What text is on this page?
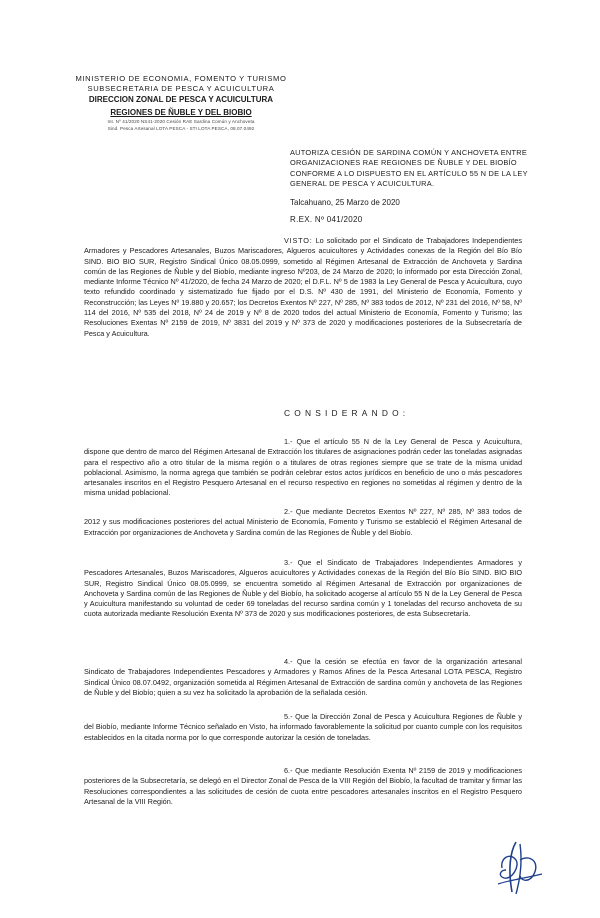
MINISTERIO DE ECONOMIA, FOMENTO Y TURISMO
SUBSECRETARIA DE PESCA Y ACUICULTURA
DIRECCION ZONAL DE PESCA Y ACUICULTURA
REGIONES DE ÑUBLE Y DEL BIOBIO
Int. Nº 41/2020 NS41-2020 Cesión RAE Sardina Común y Anchoveta
Sind. Pesca Artesanal LOTA PESCA - STI LOTA PESCA, 08.07.0492
AUTORIZA CESIÓN DE SARDINA COMÚN Y ANCHOVETA ENTRE ORGANIZACIONES RAE REGIONES DE ÑUBLE Y DEL BIOBÍO CONFORME A LO DISPUESTO EN EL ARTÍCULO 55 N DE LA LEY GENERAL DE PESCA Y ACUICULTURA.
Talcahuano, 25 Marzo de 2020
R.EX. Nº 041/2020
VISTO: Lo solicitado por el Sindicato de Trabajadores Independientes Armadores y Pescadores Artesanales, Buzos Mariscadores, Algueros acuicultores y Actividades conexas de la Región del Bío Bío SIND. BIO BIO SUR, Registro Sindical Único 08.05.0999, sometido al Régimen Artesanal de Extracción de Anchoveta y Sardina común de las Regiones de Ñuble y del Biobío, mediante ingreso Nº203, de 24 Marzo de 2020; lo informado por esta Dirección Zonal, mediante Informe Técnico Nº 41/2020, de fecha 24 Marzo de 2020; el D.F.L. Nº 5 de 1983 la Ley General de Pesca y Acuicultura, cuyo texto refundido coordinado y sistematizado fue fijado por el D.S. Nº 430 de 1991, del Ministerio de Economía, Fomento y Reconstrucción; las Leyes Nº 19.880 y 20.657; los Decretos Exentos Nº 227, Nº 285, Nº 383 todos de 2012, Nº 231 del 2016, Nº 58, Nº 114 del 2016, Nº 535 del 2018, Nº 24 de 2019 y Nº 8 de 2020 todos del actual Ministerio de Economía, Fomento y Turismo; las Resoluciones Exentas Nº 2159 de 2019, Nº 3831 del 2019 y Nº 373 de 2020 y modificaciones posteriores de la Subsecretaría de Pesca y Acuicultura.
CONSIDERANDO:
1.- Que el artículo 55 N de la Ley General de Pesca y Acuicultura, dispone que dentro de marco del Régimen Artesanal de Extracción los titulares de asignaciones podrán ceder las toneladas asignadas para el respectivo año a otro titular de la misma región o a titulares de otras regiones siempre que se trate de la misma unidad poblacional. Asimismo, la norma agrega que también se podrán celebrar estos actos jurídicos en beneficio de uno o más pescadores artesanales inscritos en el Registro Pesquero Artesanal en el recurso respectivo en regiones no sometidas al régimen y dentro de la misma unidad poblacional.
2.- Que mediante Decretos Exentos Nº 227, Nº 285, Nº 383 todos de 2012 y sus modificaciones posteriores del actual Ministerio de Economía, Fomento y Turismo se estableció el Régimen Artesanal de Extracción por organizaciones de Anchoveta y Sardina común de las Regiones de Ñuble y del Biobío.
3.- Que el Sindicato de Trabajadores Independientes Armadores y Pescadores Artesanales, Buzos Mariscadores, Algueros acuicultores y Actividades conexas de la Región del Bío Bío SIND. BIO BIO SUR, Registro Sindical Único 08.05.0999, se encuentra sometido al Régimen Artesanal de Extracción por organizaciones de Anchoveta y Sardina común de las Regiones de Ñuble y del Biobío, ha solicitado acogerse al artículo 55 N de la Ley General de Pesca y Acuicultura manifestando su voluntad de ceder 69 toneladas del recurso sardina común y 1 toneladas del recurso anchoveta de su cuota autorizada mediante Resolución Exenta Nº 373 de 2020 y sus modificaciones posteriores, de esta Subsecretaría.
4.- Que la cesión se efectúa en favor de la organización artesanal Sindicato de Trabajadores Independientes Pescadores y Armadores y Ramos Afines de la Pesca Artesanal LOTA PESCA, Registro Sindical Único 08.07.0492, organización sometida al Régimen Artesanal de Extracción de sardina común y anchoveta de las Regiones de Ñuble y del Biobío; quien a su vez ha solicitado la aprobación de la señalada cesión.
5.- Que la Dirección Zonal de Pesca y Acuicultura Regiones de Ñuble y del Biobío, mediante Informe Técnico señalado en Visto, ha informado favorablemente la solicitud por cuanto cumple con los requisitos establecidos en la citada norma por lo que corresponde autorizar la cesión de toneladas.
6.- Que mediante Resolución Exenta Nº 2159 de 2019 y modificaciones posteriores de la Subsecretaría, se delegó en el Director Zonal de Pesca de la VIII Región del Biobío, la facultad de tramitar y firmar las Resoluciones correspondientes a las solicitudes de cesión de cuota entre pescadores artesanales inscritos en el Registro Pesquero Artesanal de la VIII Región.
